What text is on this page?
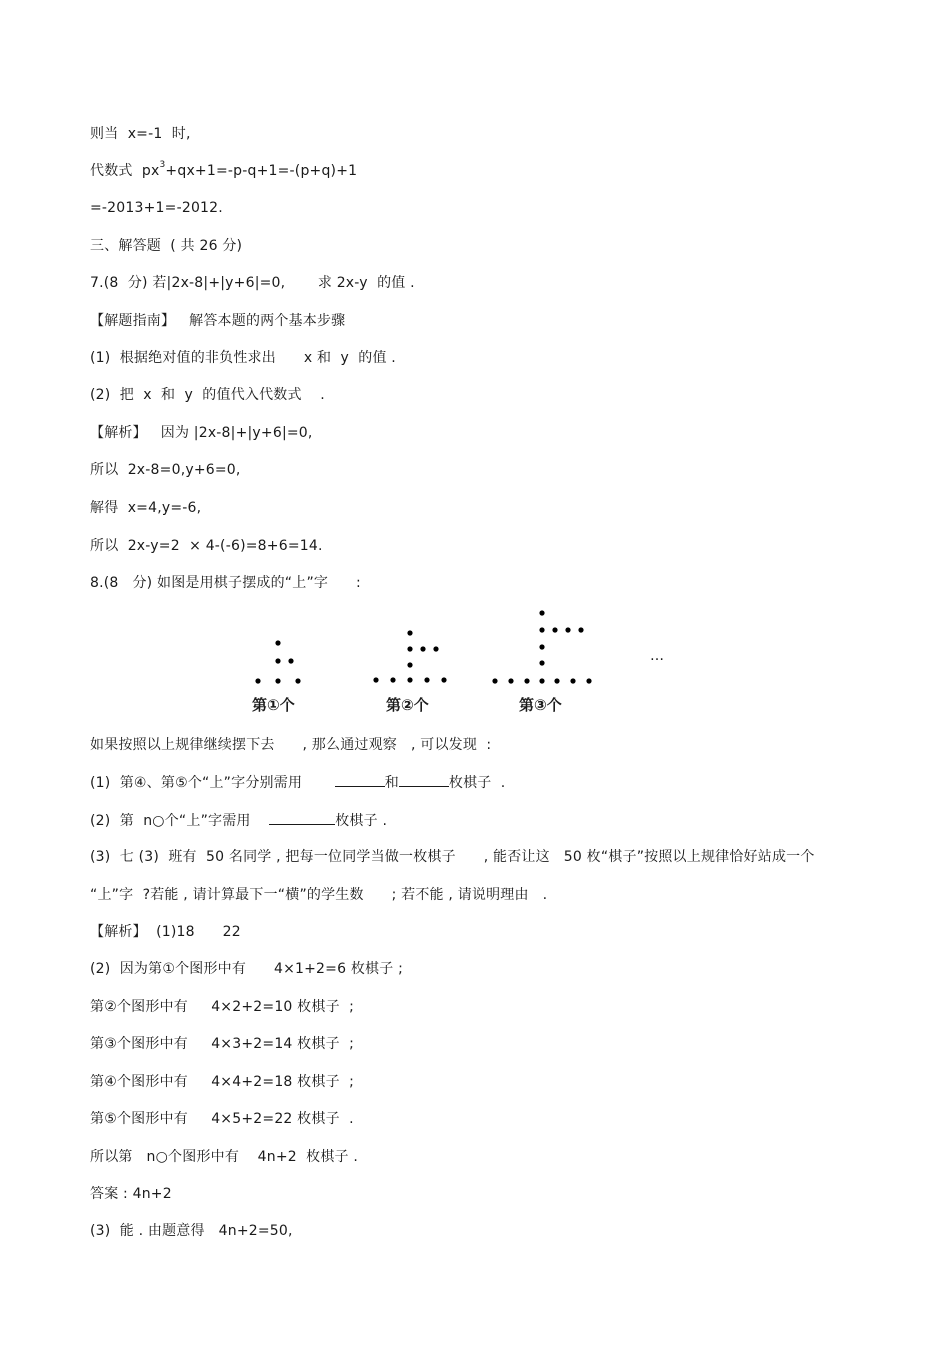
则当  x=-1  时,
代数式  $px^3+qx+1=-p-q+1=-(p+q)+1$
=-2013+1=-2012.
三、解答题  ( 共 26 分)
7.(8  分) 若|2x-8|+|y+6|=0,       求 2x-y  的值 .
【解题指南】   解答本题的两个基本步骤
(1)  根据绝对值的非负性求出      x 和  y  的值 .
(2)  把  x  和  y  的值代入代数式    .
【解析】   因为 |2x-8|+|y+6|=0,
所以  2x-8=0,y+6=0,
解得  x=4,y=-6,
所以  2x-y=2  × 4-(-6)=8+6=14.
8.(8   分) 如图是用棋子摆成的“上”字      :
…
第①个	第②个	第③个
如果按照以上规律继续摆下去      , 那么通过观察   , 可以发现  :
(1)  第④、第⑤个“上”字分别需用	和	枚棋子  .
(2)  第  n○个“上”字需用	枚棋子 .
(3)  七 (3)  班有  50 名同学 , 把每一位同学当做一枚棋子      , 能否让这   50 枚“棋子”按照以上规律恰好站成一个
“上”字  ?若能 , 请计算最下一“横”的学生数      ; 若不能 , 请说明理由   .
【解析】  (1)18      22
(2)  因为第①个图形中有      4×1+2=6 枚棋子 ;
第②个图形中有     4×2+2=10 枚棋子  ;
第③个图形中有     4×3+2=14 枚棋子  ;
第④个图形中有     4×4+2=18 枚棋子  ;
第⑤个图形中有     4×5+2=22 枚棋子  .
所以第   n○个图形中有    4n+2  枚棋子 .
答案 : 4n+2
(3)  能 . 由题意得   4n+2=50,
